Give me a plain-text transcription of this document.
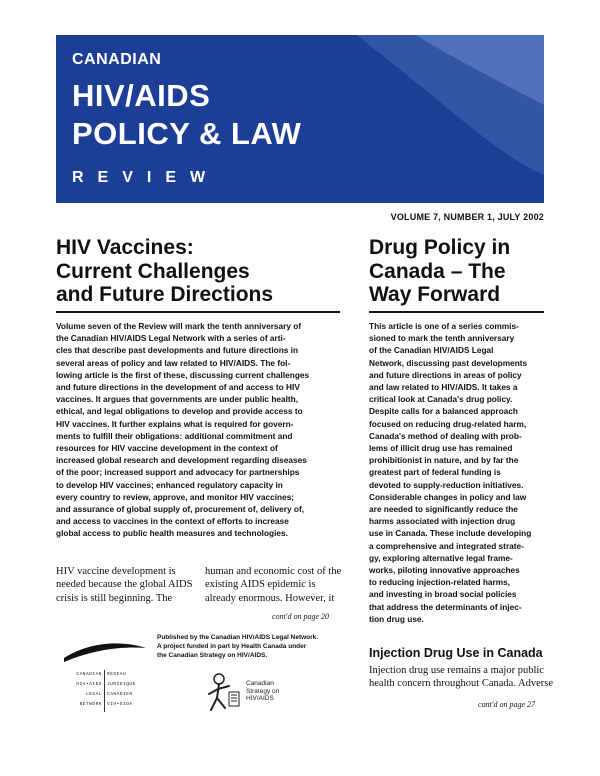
CANADIAN
HIV/AIDS
POLICY & LAW
REVIEW
VOLUME 7, NUMBER 1, JULY 2002
HIV Vaccines:
Current Challenges
and Future Directions
Volume seven of the Review will mark the tenth anniversary of
the Canadian HIV/AIDS Legal Network with a series of arti-
cles that describe past developments and future directions in
several areas of policy and law related to HIV/AIDS. The fol-
lowing article is the first of these, discussing current challenges
and future directions in the development of and access to HIV
vaccines. It argues that governments are under public health,
ethical, and legal obligations to develop and provide access to
HIV vaccines. It further explains what is required for govern-
ments to fulfill their obligations: additional commitment and
resources for HIV vaccine development in the context of
increased global research and development regarding diseases
of the poor; increased support and advocacy for partnerships
to develop HIV vaccines; enhanced regulatory capacity in
every country to review, approve, and monitor HIV vaccines;
and assurance of global supply of, procurement of, delivery of,
and access to vaccines in the context of efforts to increase
global access to public health measures and technologies.
HIV vaccine development is
needed because the global AIDS
crisis is still beginning. The
human and economic cost of the
existing AIDS epidemic is
already enormous. However, it
cont'd on page 20
Drug Policy in
Canada – The
Way Forward
This article is one of a series commis-
sioned to mark the tenth anniversary
of the Canadian HIV/AIDS Legal
Network, discussing past developments
and future directions in areas of policy
and law related to HIV/AIDS. It takes a
critical look at Canada's drug policy.
Despite calls for a balanced approach
focused on reducing drug-related harm,
Canada's method of dealing with prob-
lems of illicit drug use has remained
prohibitionist in nature, and by far the
greatest part of federal funding is
devoted to supply-reduction initiatives.
Considerable changes in policy and law
are needed to significantly reduce the
harms associated with injection drug
use in Canada. These include developing
a comprehensive and integrated strate-
gy, exploring alternative legal frame-
works, piloting innovative approaches
to reducing injection-related harms,
and investing in broad social policies
that address the determinants of injec-
tion drug use.
Injection Drug Use in Canada
Injection drug use remains a major public
health concern throughout Canada. Adverse
cont'd on page 27
CANADIAN
HIV•AIDS
LEGAL
NETWORK
RÉSEAU
JURIDIQUE
CANADIEN
VIH•SIDA
Published by the Canadian HIV/AIDS Legal Network.
A project funded in part by Health Canada under
the Canadian Strategy on HIV/AIDS.
Canadian
Strategy on
HIV/AIDS
